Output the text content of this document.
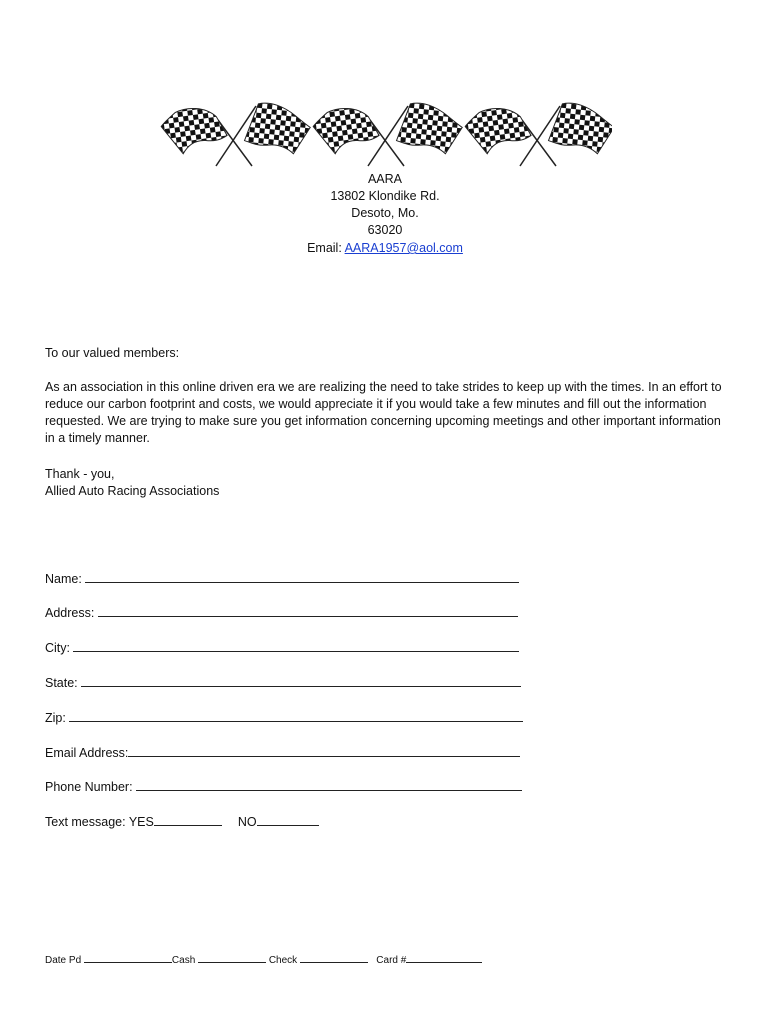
AARA
13802 Klondike Rd.
Desoto, Mo.
63020
Email: AARA1957@aol.com
To our valued members:
As an association in this online driven era we are realizing the need to take strides to keep up with the times. In an effort to reduce our carbon footprint and costs, we would appreciate it if you would take a few minutes and fill out the information requested. We are trying to make sure you get information concerning upcoming meetings and other important information in a timely manner.
Thank - you,
Allied Auto Racing Associations
Name:
Address:
City:
State:
Zip:
Email Address:
Phone Number:
Text message: YES	NO
Date Pd	Cash	Check	Card #
